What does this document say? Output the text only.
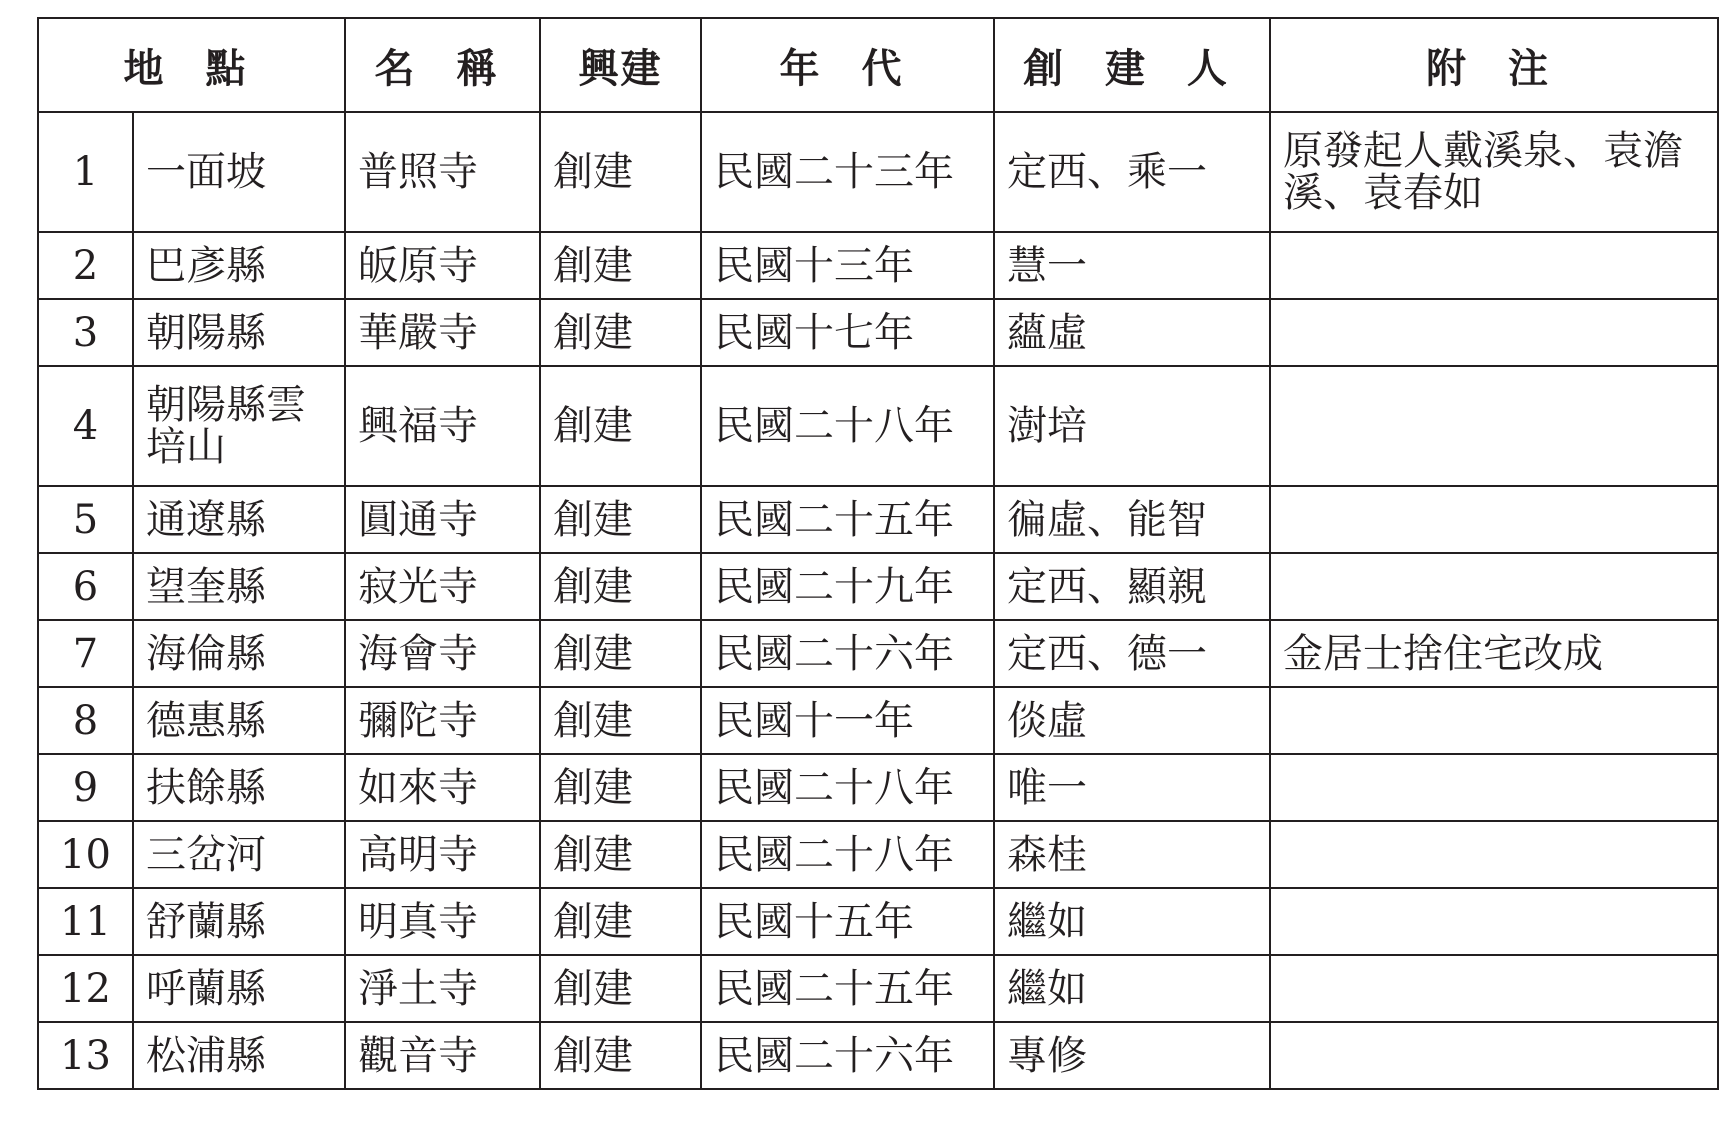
地 點		名 稱	興建	年 代	創 建 人	附 注
1	一面坡	普照寺	創建	民國二十三年	定西、乘一	原發起人戴溪泉、袁澹溪、袁春如
2	巴彥縣	皈原寺	創建	民國十三年	慧一	
3	朝陽縣	華嚴寺	創建	民國十七年	蘊虛	
4	朝陽縣雲培山	興福寺	創建	民國二十八年	澍培	
5	通遼縣	圓通寺	創建	民國二十五年	徧虛、能智	
6	望奎縣	寂光寺	創建	民國二十九年	定西、顯親	
7	海倫縣	海會寺	創建	民國二十六年	定西、德一	金居士捨住宅改成
8	德惠縣	彌陀寺	創建	民國十一年	倓虛	
9	扶餘縣	如來寺	創建	民國二十八年	唯一	
10	三岔河	高明寺	創建	民國二十八年	森桂	
11	舒蘭縣	明真寺	創建	民國十五年	繼如	
12	呼蘭縣	淨土寺	創建	民國二十五年	繼如	
13	松浦縣	觀音寺	創建	民國二十六年	專修	
